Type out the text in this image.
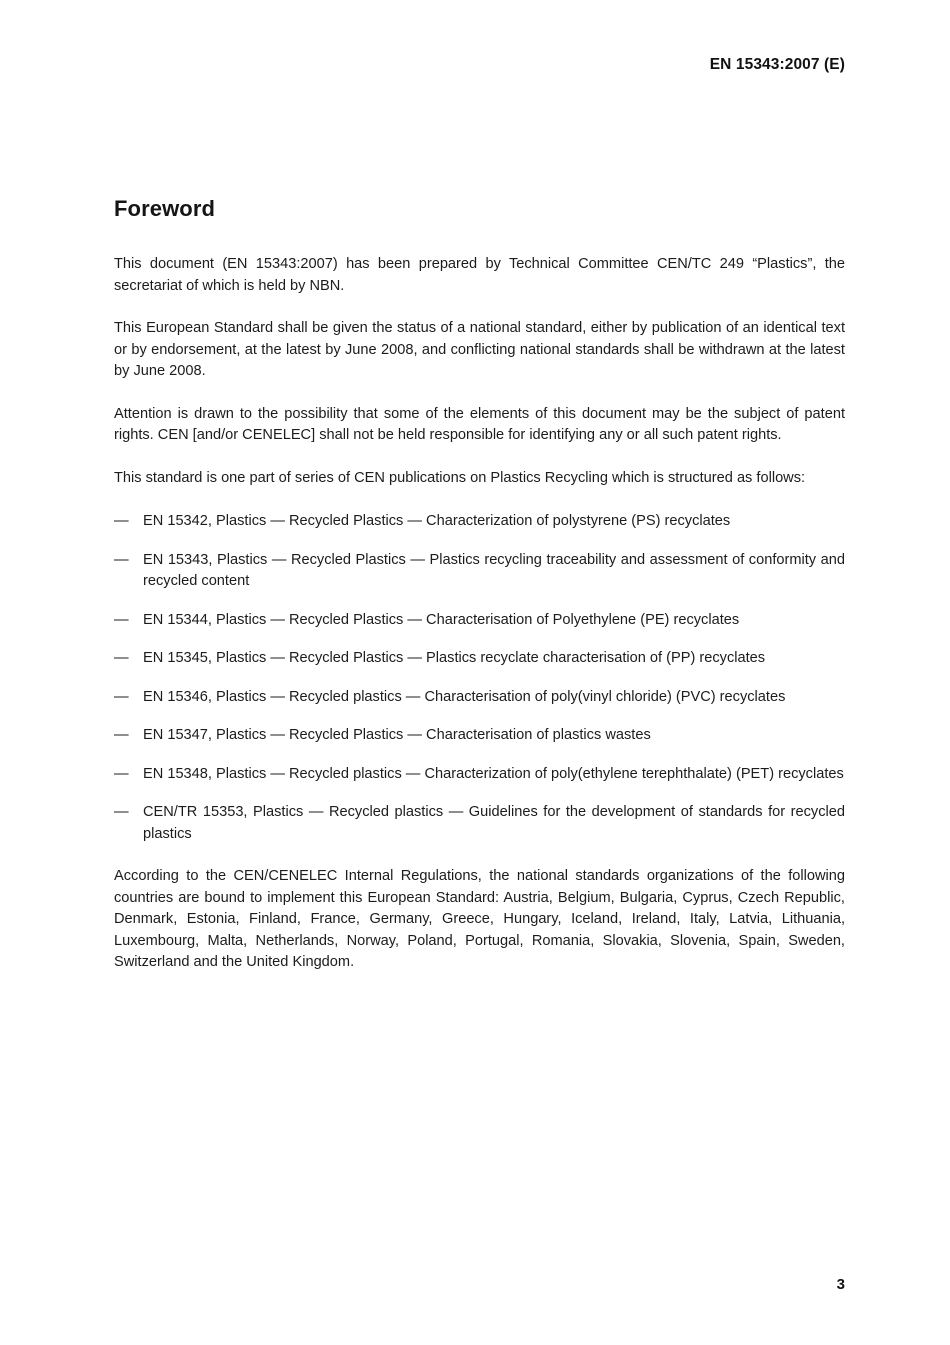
EN 15343:2007 (E)
Foreword

This document (EN 15343:2007) has been prepared by Technical Committee CEN/TC 249 “Plastics”, the secretariat of which is held by NBN.

This European Standard shall be given the status of a national standard, either by publication of an identical text or by endorsement, at the latest by June 2008, and conflicting national standards shall be withdrawn at the latest by June 2008.

Attention is drawn to the possibility that some of the elements of this document may be the subject of patent rights. CEN [and/or CENELEC] shall not be held responsible for identifying any or all such patent rights.

This standard is one part of series of CEN publications on Plastics Recycling which is structured as follows:

— EN 15342, Plastics — Recycled Plastics — Characterization of polystyrene (PS) recyclates
— EN 15343, Plastics — Recycled Plastics — Plastics recycling traceability and assessment of conformity and recycled content
— EN 15344, Plastics — Recycled Plastics — Characterisation of Polyethylene (PE) recyclates
— EN 15345, Plastics — Recycled Plastics — Plastics recyclate characterisation of (PP) recyclates
— EN 15346, Plastics — Recycled plastics — Characterisation of poly(vinyl chloride) (PVC) recyclates
— EN 15347, Plastics — Recycled Plastics — Characterisation of plastics wastes
— EN 15348, Plastics — Recycled plastics — Characterization of poly(ethylene terephthalate) (PET) recyclates
— CEN/TR 15353, Plastics — Recycled plastics — Guidelines for the development of standards for recycled plastics

According to the CEN/CENELEC Internal Regulations, the national standards organizations of the following countries are bound to implement this European Standard: Austria, Belgium, Bulgaria, Cyprus, Czech Republic, Denmark, Estonia, Finland, France, Germany, Greece, Hungary, Iceland, Ireland, Italy, Latvia, Lithuania, Luxembourg, Malta, Netherlands, Norway, Poland, Portugal, Romania, Slovakia, Slovenia, Spain, Sweden, Switzerland and the United Kingdom.

3
